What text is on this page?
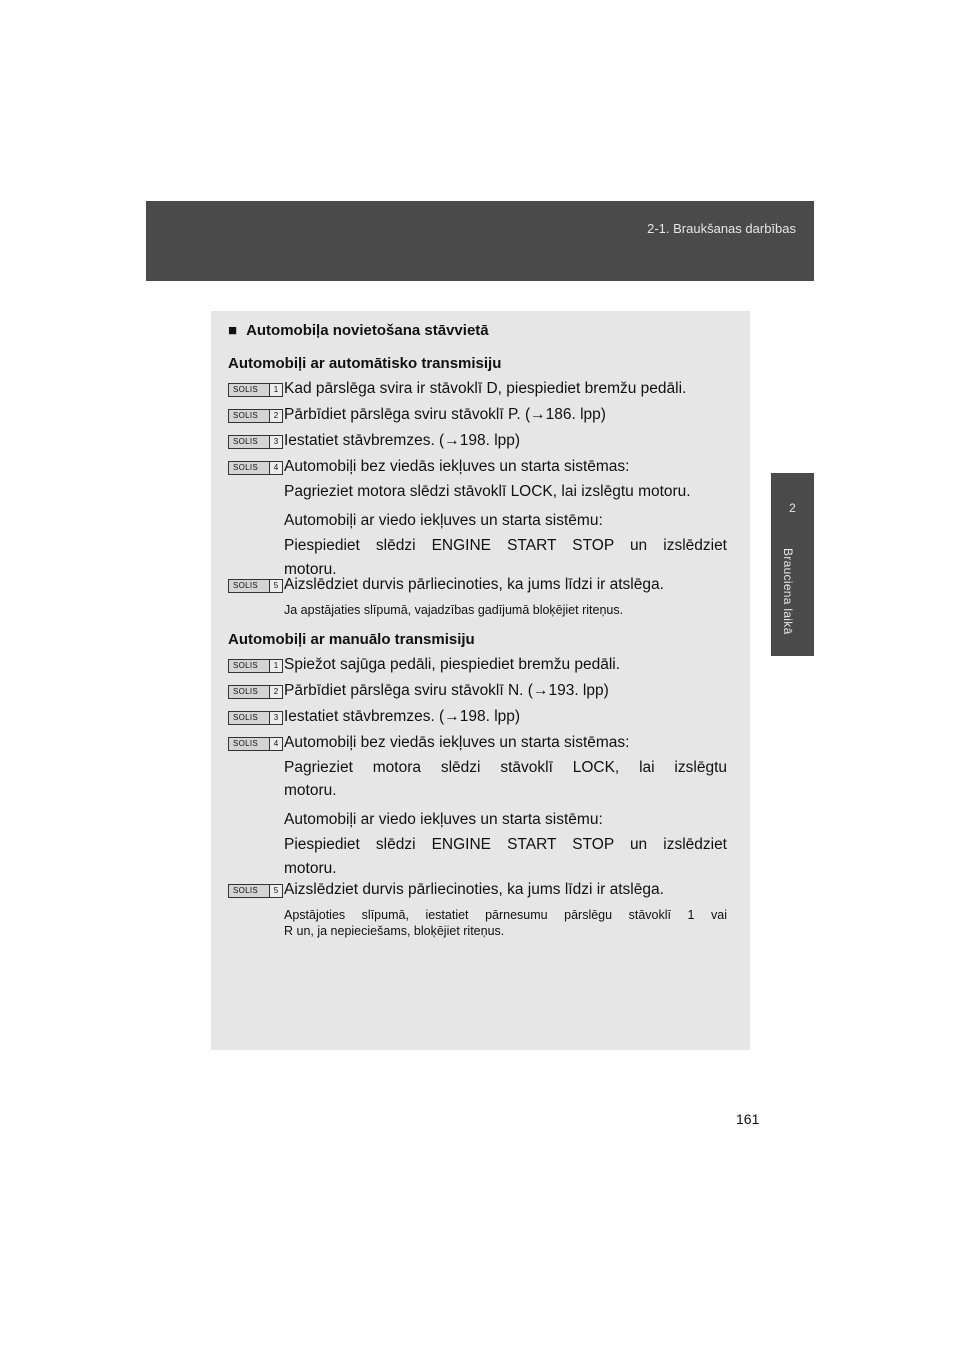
2-1. Braukšanas darbības
2
Brauciena laikā
■ Automobiļa novietošana stāvvietā
Automobiļi ar automātisko transmisiju
SOLIS	1 Kad pārslēga svira ir stāvoklī D, piespiediet bremžu pedāli.
SOLIS	2 Pārbīdiet pārslēga sviru stāvoklī P. (→186. lpp)
SOLIS	3 Iestatiet stāvbremzes. (→198. lpp)
SOLIS	4 Automobiļi bez viedās iekļuves un starta sistēmas:
Pagrieziet motora slēdzi stāvoklī LOCK, lai izslēgtu motoru.
Automobiļi ar viedo iekļuves un starta sistēmu:
Piespiediet slēdzi ENGINE START STOP un izslēdziet
motoru.
SOLIS	5 Aizslēdziet durvis pārliecinoties, ka jums līdzi ir atslēga.
Ja apstājaties slīpumā, vajadzības gadījumā bloķējiet riteņus.
Automobiļi ar manuālo transmisiju
SOLIS	1 Spiežot sajūga pedāli, piespiediet bremžu pedāli.
SOLIS	2 Pārbīdiet pārslēga sviru stāvoklī N. (→193. lpp)
SOLIS	3 Iestatiet stāvbremzes. (→198. lpp)
SOLIS	4 Automobiļi bez viedās iekļuves un starta sistēmas:
Pagrieziet motora slēdzi stāvoklī LOCK, lai izslēgtu
motoru.
Automobiļi ar viedo iekļuves un starta sistēmu:
Piespiediet slēdzi ENGINE START STOP un izslēdziet
motoru.
SOLIS	5 Aizslēdziet durvis pārliecinoties, ka jums līdzi ir atslēga.
Apstājoties slīpumā, iestatiet pārnesumu pārslēgu stāvoklī 1 vai
R un, ja nepieciešams, bloķējiet riteņus.
161
